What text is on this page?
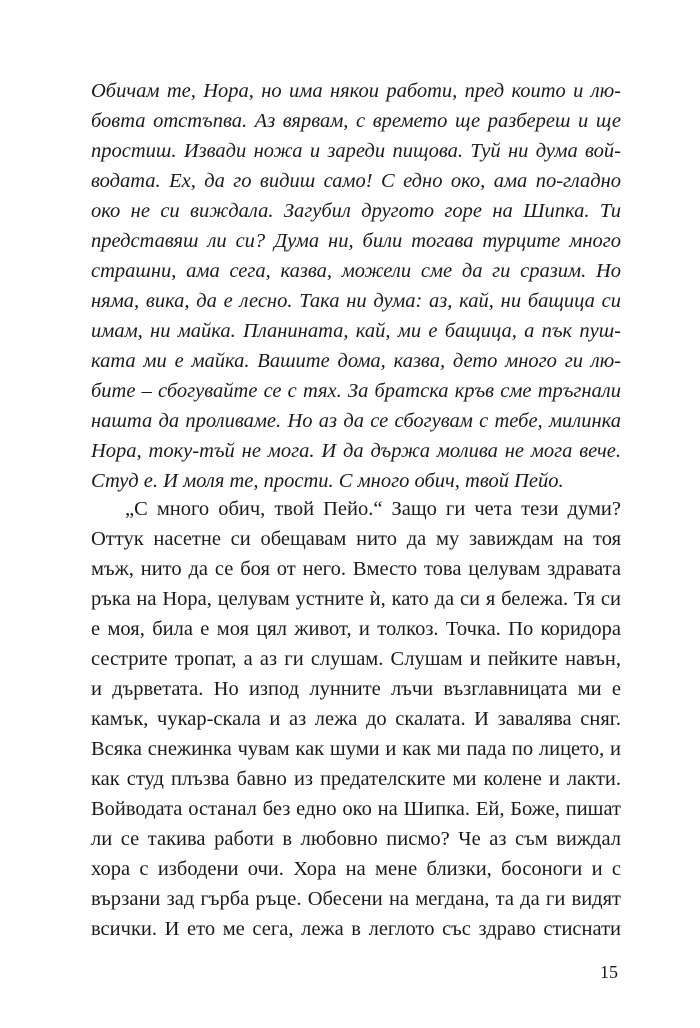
Обичам те, Нора, но има някои работи, пред които и лю-
бовта отстъпва. Аз вярвам, с времето ще разбереш и ще
простиш. Извади ножа и зареди пищова. Туй ни дума вой-
водата. Ех, да го видиш само! С едно око, ама по-гладно
око не си виждала. Загубил другото горе на Шипка. Ти
представяш ли си? Дума ни, били тогава турците много
страшни, ама сега, казва, можели сме да ги сразим. Но
няма, вика, да е лесно. Така ни дума: аз, кай, ни бащица си
имам, ни майка. Планината, кай, ми е бащица, а пък пуш-
ката ми е майка. Вашите дома, казва, дето много ги лю-
бите – сбогувайте се с тях. За братска кръв сме тръгнали
нашта да проливаме. Но аз да се сбогувам с тебе, милинка
Нора, току-тъй не мога. И да държа молива не мога вече.
Студ е. И моля те, прости. С много обич, твой Пейо.
„С много обич, твой Пейо.“ Защо ги чета тези думи?
Оттук насетне си обещавам нито да му завиждам на тоя
мъж, нито да се боя от него. Вместо това целувам здравата
ръка на Нора, целувам устните ѝ, като да си я бележа. Тя си
е моя, била е моя цял живот, и толкоз. Точка. По коридора
сестрите тропат, а аз ги слушам. Слушам и пейките навън,
и дърветата. Но изпод лунните лъчи възглавницата ми е
камък, чукар-скала и аз лежа до скалата. И завалява сняг.
Всяка снежинка чувам как шуми и как ми пада по лицето, и
как студ плъзва бавно из предателските ми колене и лакти.
Войводата останал без едно око на Шипка. Ей, Боже, пишат
ли се такива работи в любовно писмо? Че аз съм виждал
хора с избодени очи. Хора на мене близки, босоноги и с
вързани зад гърба ръце. Обесени на мегдана, та да ги видят
всички. И ето ме сега, лежа в леглото със здраво стиснати
15
